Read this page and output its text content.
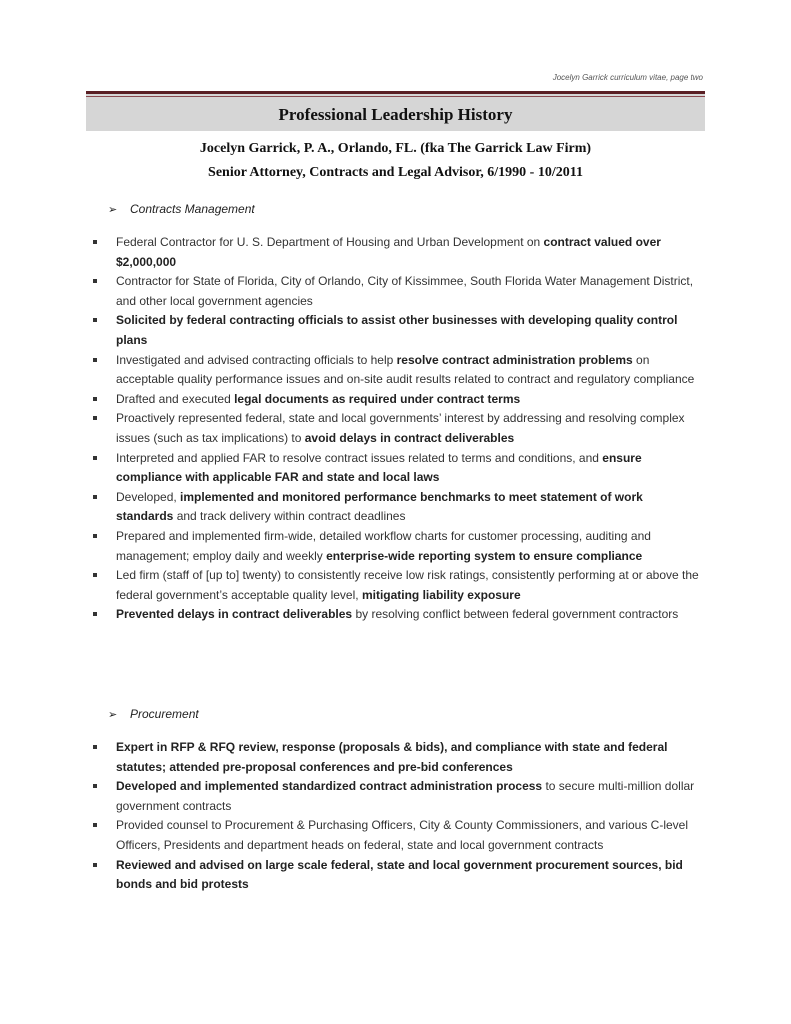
Jocelyn Garrick curriculum vitae, page two
Professional Leadership History
Jocelyn Garrick, P. A., Orlando, FL. (fka The Garrick Law Firm)
Senior Attorney, Contracts and Legal Advisor, 6/1990 - 10/2011
➢	Contracts Management
Federal Contractor for U. S. Department of Housing and Urban Development on contract valued over $2,000,000
Contractor for State of Florida, City of Orlando, City of Kissimmee, South Florida Water Management District, and other local government agencies
Solicited by federal contracting officials to assist other businesses with developing quality control plans
Investigated and advised contracting officials to help resolve contract administration problems on acceptable quality performance issues and on-site audit results related to contract and regulatory compliance
Drafted and executed legal documents as required under contract terms
Proactively represented federal, state and local governments’ interest by addressing and resolving complex issues (such as tax implications) to avoid delays in contract deliverables
Interpreted and applied FAR to resolve contract issues related to terms and conditions, and ensure compliance with applicable FAR and state and local laws
Developed, implemented and monitored performance benchmarks to meet statement of work standards and track delivery within contract deadlines
Prepared and implemented firm-wide, detailed workflow charts for customer processing, auditing and management; employ daily and weekly enterprise-wide reporting system to ensure compliance
Led firm (staff of [up to] twenty) to consistently receive low risk ratings, consistently performing at or above the federal government’s acceptable quality level, mitigating liability exposure
Prevented delays in contract deliverables by resolving conflict between federal government contractors
➢	Procurement
Expert in RFP & RFQ review, response (proposals & bids), and compliance with state and federal statutes; attended pre-proposal conferences and pre-bid conferences
Developed and implemented standardized contract administration process to secure multi-million dollar government contracts
Provided counsel to Procurement & Purchasing Officers, City & County Commissioners, and various C-level Officers, Presidents and department heads on federal, state and local government contracts
Reviewed and advised on large scale federal, state and local government procurement sources, bid bonds and bid protests
